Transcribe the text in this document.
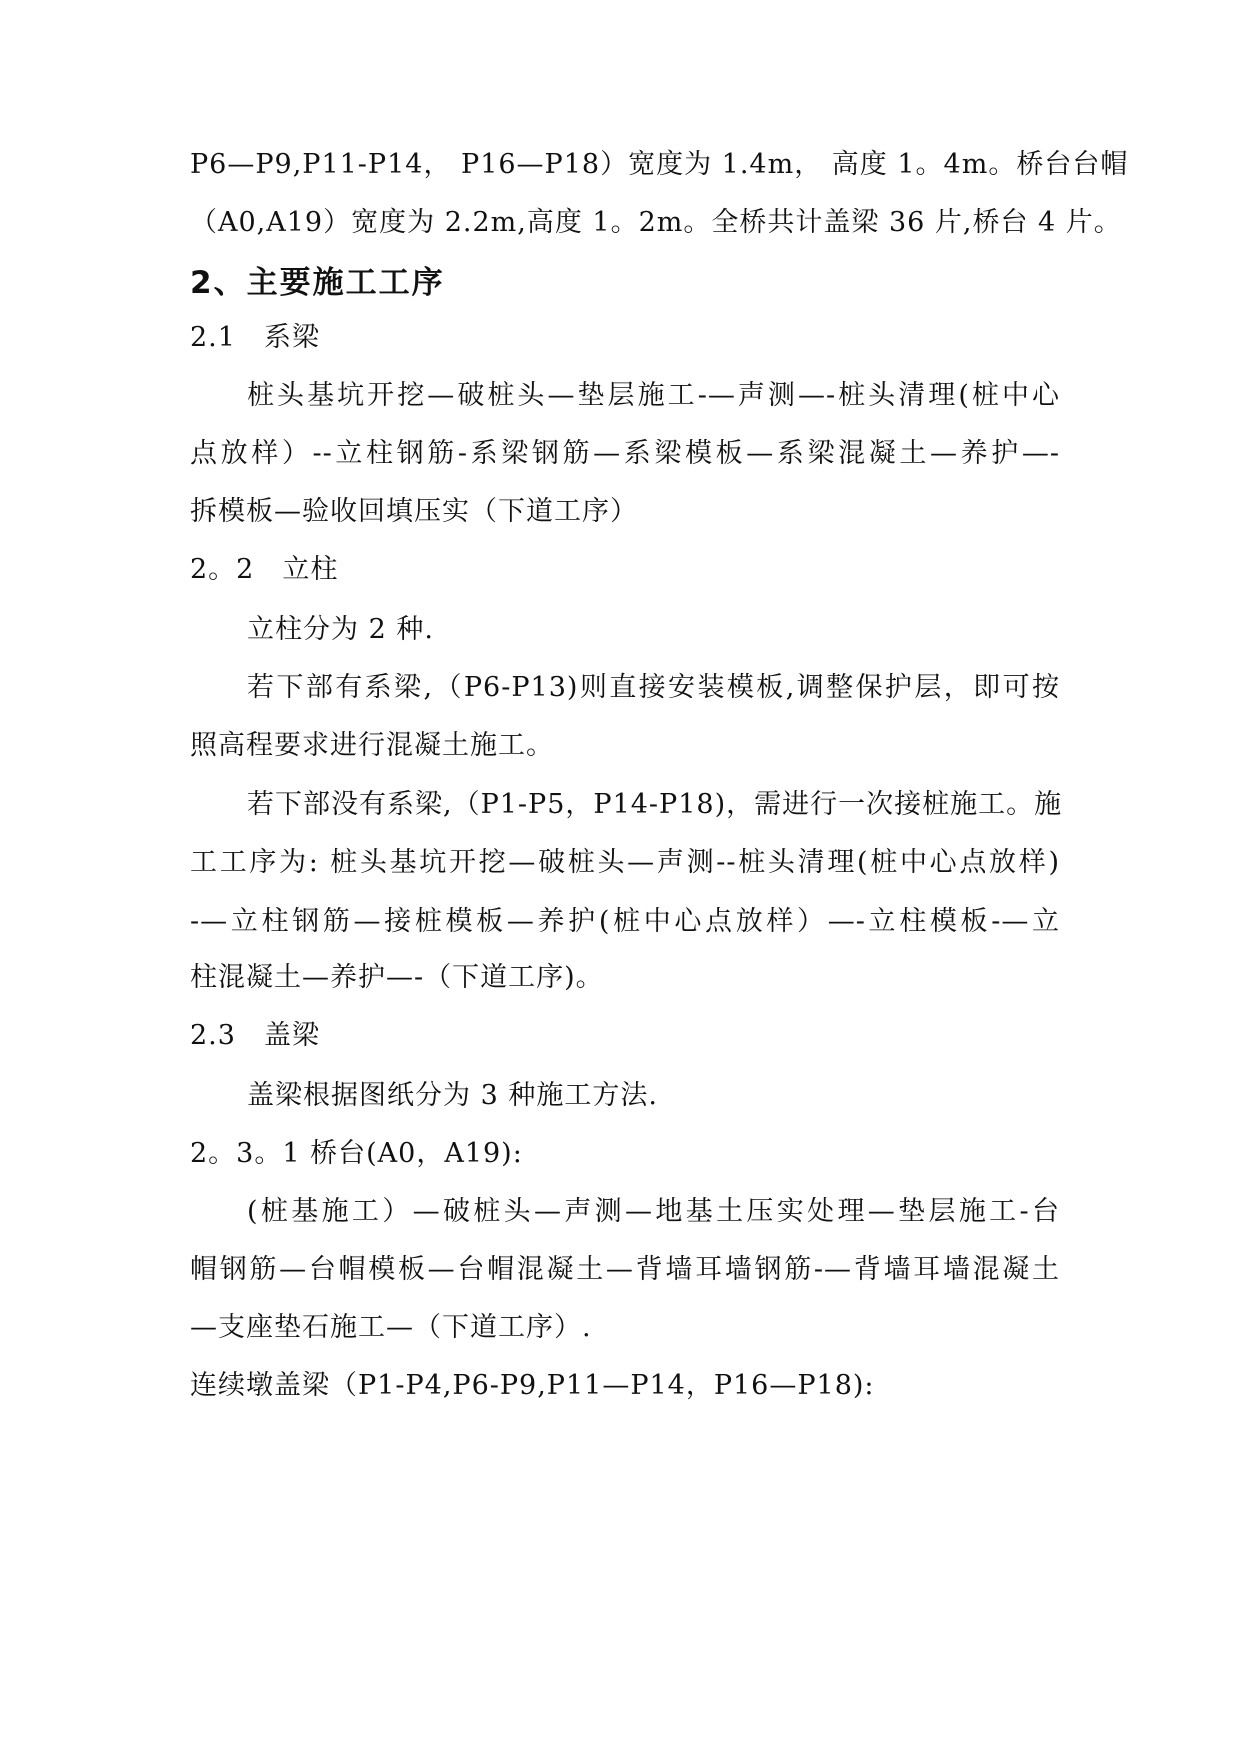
P6—P9,P11-P14， P16—P18）宽度为 1.4m， 高度 1。4m。桥台台帽
（A0,A19）宽度为 2.2m,高度 1。2m。全桥共计盖梁 36 片,桥台 4 片。
2、主要施工工序
2.1　系梁
桩头基坑开挖—破桩头—垫层施工-—声测—-桩头清理(桩中心
点放样）--立柱钢筋-系梁钢筋—系梁模板—系梁混凝土—养护—-
拆模板—验收回填压实（下道工序）
2。2　立柱
立柱分为 2 种.
若下部有系梁,（P6-P13)则直接安装模板,调整保护层，即可按
照高程要求进行混凝土施工。
若下部没有系梁,（P1-P5，P14-P18)，需进行一次接桩施工。施
工工序为: 桩头基坑开挖—破桩头—声测--桩头清理(桩中心点放样)
-—立柱钢筋—接桩模板—养护(桩中心点放样）—-立柱模板-—立
柱混凝土—养护—-（下道工序)。
2.3　盖梁
盖梁根据图纸分为 3 种施工方法.
2。3。1 桥台(A0，A19):
(桩基施工）—破桩头—声测—地基土压实处理—垫层施工-台
帽钢筋—台帽模板—台帽混凝土—背墙耳墙钢筋-—背墙耳墙混凝土
—支座垫石施工—（下道工序）.
连续墩盖梁（P1-P4,P6-P9,P11—P14，P16—P18):
